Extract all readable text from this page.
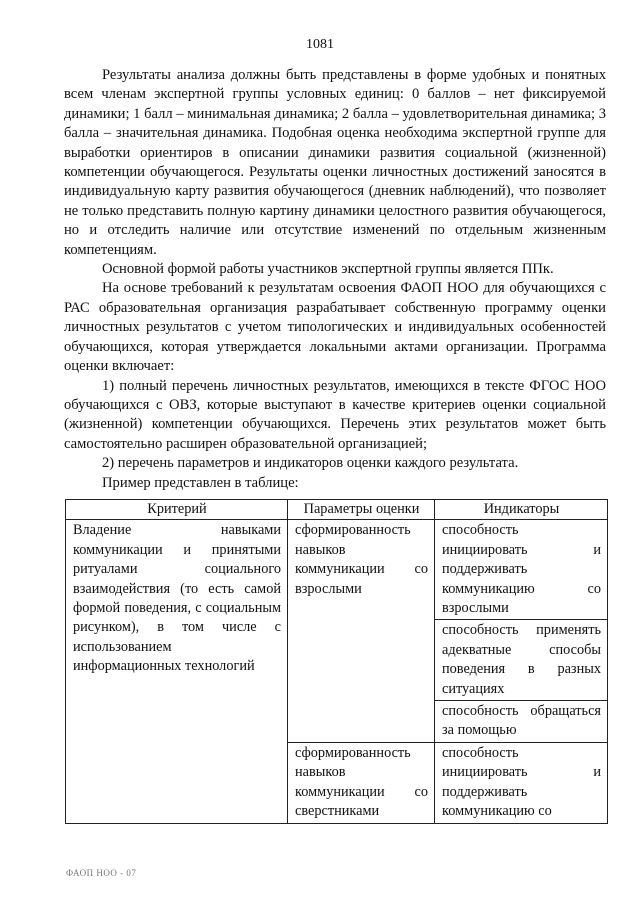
1081

Результаты анализа должны быть представлены в форме удобных и понятных всем членам экспертной группы условных единиц: 0 баллов – нет фиксируемой динамики; 1 балл – минимальная динамика; 2 балла – удовлетворительная динамика; 3 балла – значительная динамика. Подобная оценка необходима экспертной группе для выработки ориентиров в описании динамики развития социальной (жизненной) компетенции обучающегося. Результаты оценки личностных достижений заносятся в индивидуальную карту развития обучающегося (дневник наблюдений), что позволяет не только представить полную картину динамики целостного развития обучающегося, но и отследить наличие или отсутствие изменений по отдельным жизненным компетенциям.

Основной формой работы участников экспертной группы является ППк.

На основе требований к результатам освоения ФАОП НОО для обучающихся с РАС образовательная организация разрабатывает собственную программу оценки личностных результатов с учетом типологических и индивидуальных особенностей обучающихся, которая утверждается локальными актами организации. Программа оценки включает:

1) полный перечень личностных результатов, имеющихся в тексте ФГОС НОО обучающихся с ОВЗ, которые выступают в качестве критериев оценки социальной (жизненной) компетенции обучающихся. Перечень этих результатов может быть самостоятельно расширен образовательной организацией;

2) перечень параметров и индикаторов оценки каждого результата.

Пример представлен в таблице:

Критерий	Параметры оценки	Индикаторы
Владение навыками коммуникации и принятыми ритуалами социального взаимодействия (то есть самой формой поведения, с социальным рисунком), в том числе с использованием информационных технологий	сформированность навыков коммуникации со взрослыми	способность инициировать и поддерживать коммуникацию со взрослыми
		способность применять адекватные способы поведения в разных ситуациях
		способность обращаться за помощью
	сформированность навыков коммуникации со сверстниками	способность инициировать и поддерживать коммуникацию со
ФАОП НОО - 07
